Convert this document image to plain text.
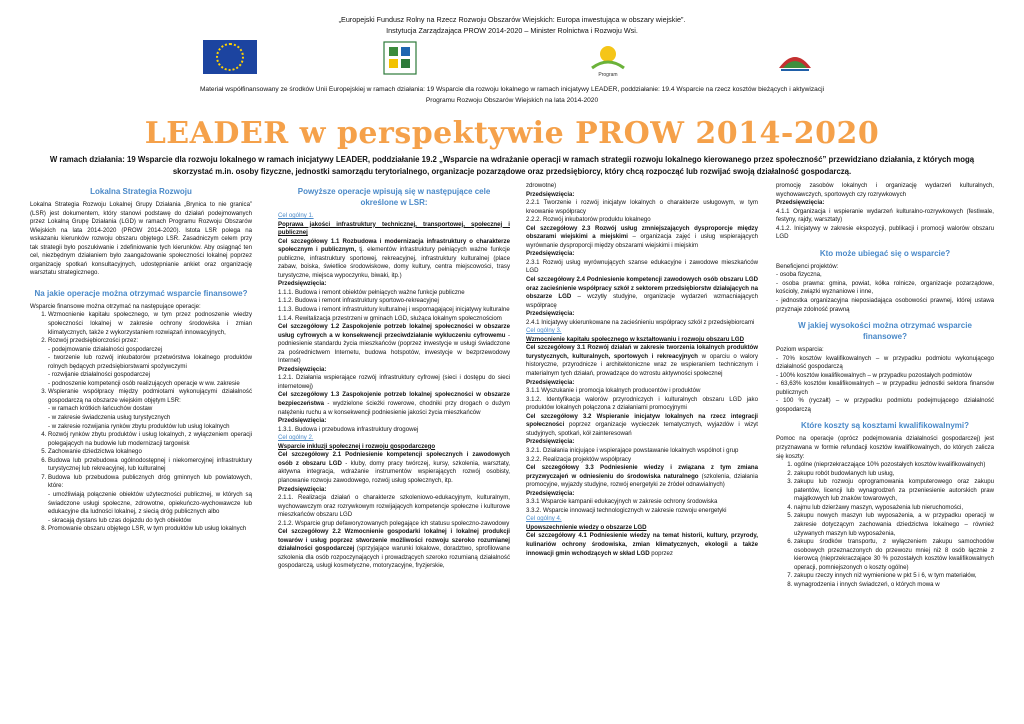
„Europejski Fundusz Rolny na Rzecz Rozwoju Obszarów Wiejskich: Europa inwestująca w obszary wiejskie”.
Instytucja Zarządzająca PROW 2014-2020 – Minister Rolnictwa i Rozwoju Wsi.
Program
Materiał współfinansowany ze środków Unii Europejskiej w ramach działania: 19 Wsparcie dla rozwoju lokalnego w ramach inicjatywy LEADER, poddziałanie: 19.4 Wsparcie na rzecz kosztów bieżących i aktywizacji
Programu Rozwoju Obszarów Wiejskich na lata 2014-2020
LEADER w perspektywie PROW 2014-2020
W ramach działania: 19 Wsparcie dla rozwoju lokalnego w ramach inicjatywy LEADER, poddziałanie 19.2 „Wsparcie na wdrażanie operacji w ramach strategii rozwoju lokalnego kierowanego przez społeczność” przewidziano działania, z których mogą skorzystać m.in. osoby fizyczne, jednostki samorządu terytorialnego, organizacje pozarządowe oraz przedsiębiorcy, który chcą rozpocząć lub rozwijać swoją działalność gospodarczą.
Lokalna Strategia Rozwoju

Lokalna Strategia Rozwoju Lokalnej Grupy Działania „Brynica to nie granica” (LSR) jest dokumentem, który stanowi podstawę do działań podejmowanych przez Lokalną Grupę Działania (LGD) w ramach Programu Rozwoju Obszarów Wiejskich na lata 2014-2020 (PROW 2014-2020). Istota LSR polega na wskazaniu kierunków rozwoju obszaru objętego LSR. Zasadniczym celem przy tak strategii było poszukiwanie i zdefiniowanie tych kierunków. Aby osiągnąć ten cel, niezbędnym działaniem było zaangażowanie społeczności lokalnej poprzez organizację spotkań konsultacyjnych, udostępnianie ankiet oraz organizację warsztatu strategicznego.

Na jakie operacje można otrzymać wsparcie finansowe?

Wsparcie finansowe można otrzymać na następujące operacje:

1. Wzmocnienie kapitału społecznego, w tym przez podnoszenie wiedzy społeczności lokalnej w zakresie ochrony środowiska i zmian klimatycznych, także z wykorzystaniem rozwiązań innowacyjnych,
2. Rozwój przedsiębiorczości przez:
- podejmowanie działalności gospodarczej
- tworzenie lub rozwój inkubatorów przetwórstwa lokalnego produktów rolnych będących przedsiębiorstwami spożywczymi
- rozwijanie działalności gospodarczej
- podnoszenie kompetencji osób realizujących operacje w ww. zakresie
3. Wspieranie współpracy między podmiotami wykonującymi działalność gospodarczą na obszarze wiejskim objętym LSR:
- w ramach krótkich łańcuchów dostaw
- w zakresie świadczenia usług turystycznych
- w zakresie rozwijania rynków zbytu produktów lub usług lokalnych
4. Rozwój rynków zbytu produktów i usług lokalnych, z wyłączeniem operacji polegających na budowie lub modernizacji targowisk
5. Zachowanie dziedzictwa lokalnego
6. Budowa lub przebudowa ogólnodostępnej i niekomercyjnej infrastruktury turystycznej lub rekreacyjnej, lub kulturalnej
7. Budowa lub przebudowa publicznych dróg gminnych lub powiatowych, które:
- umożliwiają połączenie obiektów użyteczności publicznej, w których są świadczone usługi społeczne, zdrowotne, opiekuńczo-wychowawcze lub edukacyjne dla ludności lokalnej, z siecią dróg publicznych albo
- skracają dystans lub czas dojazdu do tych obiektów
8. Promowanie obszaru objętego LSR, w tym produktów lub usług lokalnych
Powyższe operacje wpisują się w następujące cele określone w LSR:
Cel ogólny 1.
Poprawa jakości infrastruktury technicznej, transportowej, społecznej i publicznej

Cel szczegółowy 1.1 Rozbudowa i modernizacja infrastruktury o charakterze społecznym i publicznym, tj. elementów infrastruktury pełniących ważne funkcje publiczne, infrastruktury sportowej, rekreacyjnej, infrastruktury kulturalnej (place zabaw, boiska, świetlice środowiskowe, domy kultury, centra miejscowości, trasy turystyczne, miejsca wypoczynku, biwaki, itp.)

Przedsięwzięcia:

1.1.1. Budowa i remont obiektów pełniących ważne funkcje publiczne

1.1.2. Budowa i remont infrastruktury sportowo-rekreacyjnej

1.1.3. Budowa i remont infrastruktury kulturalnej i wspomagającej inicjatywy kulturalne

1.1.4. Rewitalizacja przestrzeni w gminach LGD, służąca lokalnym społecznościom

Cel szczegółowy 1.2 Zaspokojenie potrzeb lokalnej społeczności w obszarze usług cyfrowych a w konsekwencji przeciwdziałanie wykluczeniu cyfrowemu - podniesienie standardu życia mieszkańców (poprzez inwestycje w usługi świadczone za pośrednictwem Internetu, budowa hotspotów, inwestycje w bezprzewodowy Internet)

Przedsięwzięcia:

1.2.1. Działania wspierające rozwój infrastruktury cyfrowej (sieci i dostępu do sieci internetowej)

Cel szczegółowy 1.3 Zaspokojenie potrzeb lokalnej społeczności w obszarze bezpieczeństwa - wydzielone ścieżki rowerowe, chodniki przy drogach o dużym natężeniu ruchu a w konsekwencji podniesienie jakości życia mieszkańców

Przedsięwzięcia:

1.3.1. Budowa i przebudowa infrastruktury drogowej

Cel ogólny 2.
Wsparcie inkluzji społecznej i rozwoju gospodarczego

Cel szczegółowy 2.1 Podniesienie kompetencji społecznych i zawodowych osób z obszaru LGD - kluby, domy pracy twórczej, kursy, szkolenia, warsztaty, aktywna integracja, wdrażanie instrumentów wspierających rozwój osobisty, planowanie rozwoju zawodowego, rozwój usług społecznych, itp.

Przedsięwzięcia:

2.1.1. Realizacja działań o charakterze szkoleniowo-edukacyjnym, kulturalnym, wychowawczym oraz rozrywkowym rozwijających kompetencje społeczne i kulturowe mieszkańców obszaru LGD

2.1.2. Wsparcie grup defaworyzowanych polegające ich statusu społeczno-zawodowy

Cel szczegółowy 2.2 Wzmocnienie gospodarki lokalnej i lokalnej produkcji towarów i usług poprzez stworzenie możliwości rozwoju szeroko rozumianej działalności gospodarczej (sprzyjające warunki lokalowe, doradztwo, sprofilowane szkolenia dla osób rozpoczynających i prowadzących szeroko rozumianą działalność gospodarczą, usługi kosmetyczne, motoryzacyjne, fryzjerskie,

zdrowotne)

Przedsięwzięcia:

2.2.1 Tworzenie i rozwój inicjatyw lokalnych o charakterze usługowym, w tym kreowanie współpracy

2.2.2. Rozwój inkubatorów produktu lokalnego

Cel szczegółowy 2.3 Rozwój usług zmniejszających dysproporcje między obszarami wiejskimi a miejskimi – organizacja zajęć i usług wspierających wyrównanie dysproporcji między obszarami wiejskimi i miejskim

Przedsięwzięcia:

2.3.1 Rozwój usług wyrównujących szanse edukacyjne i zawodowe mieszkańców LGD

Cel szczegółowy 2.4 Podniesienie kompetencji zawodowych osób obszaru LGD oraz zacieśnienie współpracy szkół z sektorem przedsiębiorstw działających na obszarze LGD – wczytły studyjne, organizacje wydarzeń wzmacniających współpracę

Przedsięwzięcia:

2.4.1 Inicjatywy ukierunkowane na zacieśnieniu współpracy szkół z przedsiębiorcami

Cel ogólny 3.
Wzmocnienie kapitału społecznego w kształtowaniu i rozwoju obszaru LGD

Cel szczegółowy 3.1 Rozwój działań w zakresie tworzenia lokalnych produktów turystycznych, kulturalnych, sportowych i rekreacyjnych w oparciu o walory historyczne, przyrodnicze i architektoniczne wraz ze wspieraniem technicznym i materialnym tych działań, prowadzące do wzrostu aktywności społecznej

Przedsięwzięcia:

3.1.1 Wyszukanie i promocja lokalnych producentów i produktów

3.1.2. Identyfikacja walorów przyrodniczych i kulturalnych obszaru LGD jako produktów lokalnych połączona z działaniami promocyjnymi

Cel szczegółowy 3.2 Wspieranie inicjatyw lokalnych na rzecz integracji społeczności poprzez organizacje wycieczek tematycznych, wyjazdów i wizyt studyjnych, spotkań, kół zainteresowań

Przedsięwzięcia:

3.2.1. Działania inicjujące i wspierające powstawanie lokalnych wspólnot i grup

3.2.2. Realizacja projektów współpracy

Cel szczegółowy 3.3 Podniesienie wiedzy i związana z tym zmiana przyzwyczajeń w odniesieniu do środowiska naturalnego (szkolenia, działania promocyjne, wyjazdy studyjne, rozwój energetyki ze źródeł odnawialnych)

Przedsięwzięcia:

3.3.1 Wsparcie kampanii edukacyjnych w zakresie ochrony środowiska

3.3.2. Wsparcie innowacji technologicznych w zakresie rozwoju energetyki

Cel ogólny 4.
Upowszechnienie wiedzy o obszarze LGD

Cel szczegółowy 4.1 Podniesienie wiedzy na temat historii, kultury, przyrody, kulinariów ochrony środowiska, zmian klimatycznych, ekologii a także innowacji gmin wchodzących w skład LGD poprzez

promocję zasobów lokalnych i organizację wydarzeń kulturalnych, wychowawczych, sportowych czy rozrywkowych

Przedsięwzięcia:

4.1.1 Organizacja i wspieranie wydarzeń kulturalno-rozrywkowych (festiwale, festyny, rajdy, warsztaty)

4.1.2. Inicjatywy w zakresie ekspozycji, publikacji i promocji walorów obszaru LGD

Kto może ubiegać się o wsparcie?

Beneficjenci projektów:

- osoba fizyczna,

- osoba prawna: gmina, powiat, kółka rolnicze, organizacje pozarządowe, kościoły, związki wyznaniowe i inne,

- jednostka organizacyjna nieposiadająca osobowości prawnej, której ustawa przyznaje zdolność prawną

W jakiej wysokości można otrzymać wsparcie finansowe?

Poziom wsparcia:

- 70% kosztów kwalifikowalnych – w przypadku podmiotu wykonującego działalność gospodarczą

- 100% kosztów kwalifikowalnych – w przypadku pozostałych podmiotów

- 63,63% kosztów kwalifikowalnych – w przypadku jednostki sektora finansów publicznych

- 100 % (ryczałt) – w przypadku podmiotu podejmującego działalność gospodarczą

Które koszty są kosztami kwalifikowalnymi?

Pomoc na operacje (oprócz podejmowania działalności gospodarczej) jest przyznawana w formie refundacji kosztów kwalifikowalnych, do których zalicza się koszty:

1. ogólne (nieprzekraczające 10% pozostałych kosztów kwalifikowalnych)
2. zakupu robót budowlanych lub usług,
3. zakupu lub rozwoju oprogramowania komputerowego oraz zakupu patentów, licencji lub wynagrodzeń za przeniesienie autorskich praw majątkowych lub znaków towarowych,
4. najmu lub dzierżawy maszyn, wyposażenia lub nieruchomości,
5. zakupu nowych maszyn lub wyposażenia, a w przypadku operacji w zakresie dotyczącym zachowania dziedzictwa lokalnego – również używanych maszyn lub wyposażenia,
6. zakupu środków transportu, z wyłączeniem zakupu samochodów osobowych przeznaczonych do przewozu mniej niż 8 osób łącznie z kierowcą (nieprzekraczające 30 % pozostałych kosztów kwalifikowalnych operacji, pomniejszonych o koszty ogólne)
7. zakupu rzeczy innych niż wymienione w pkt 5 i 6, w tym materiałów,
8. wynagrodzenia i innych świadczeń, o których mowa w
